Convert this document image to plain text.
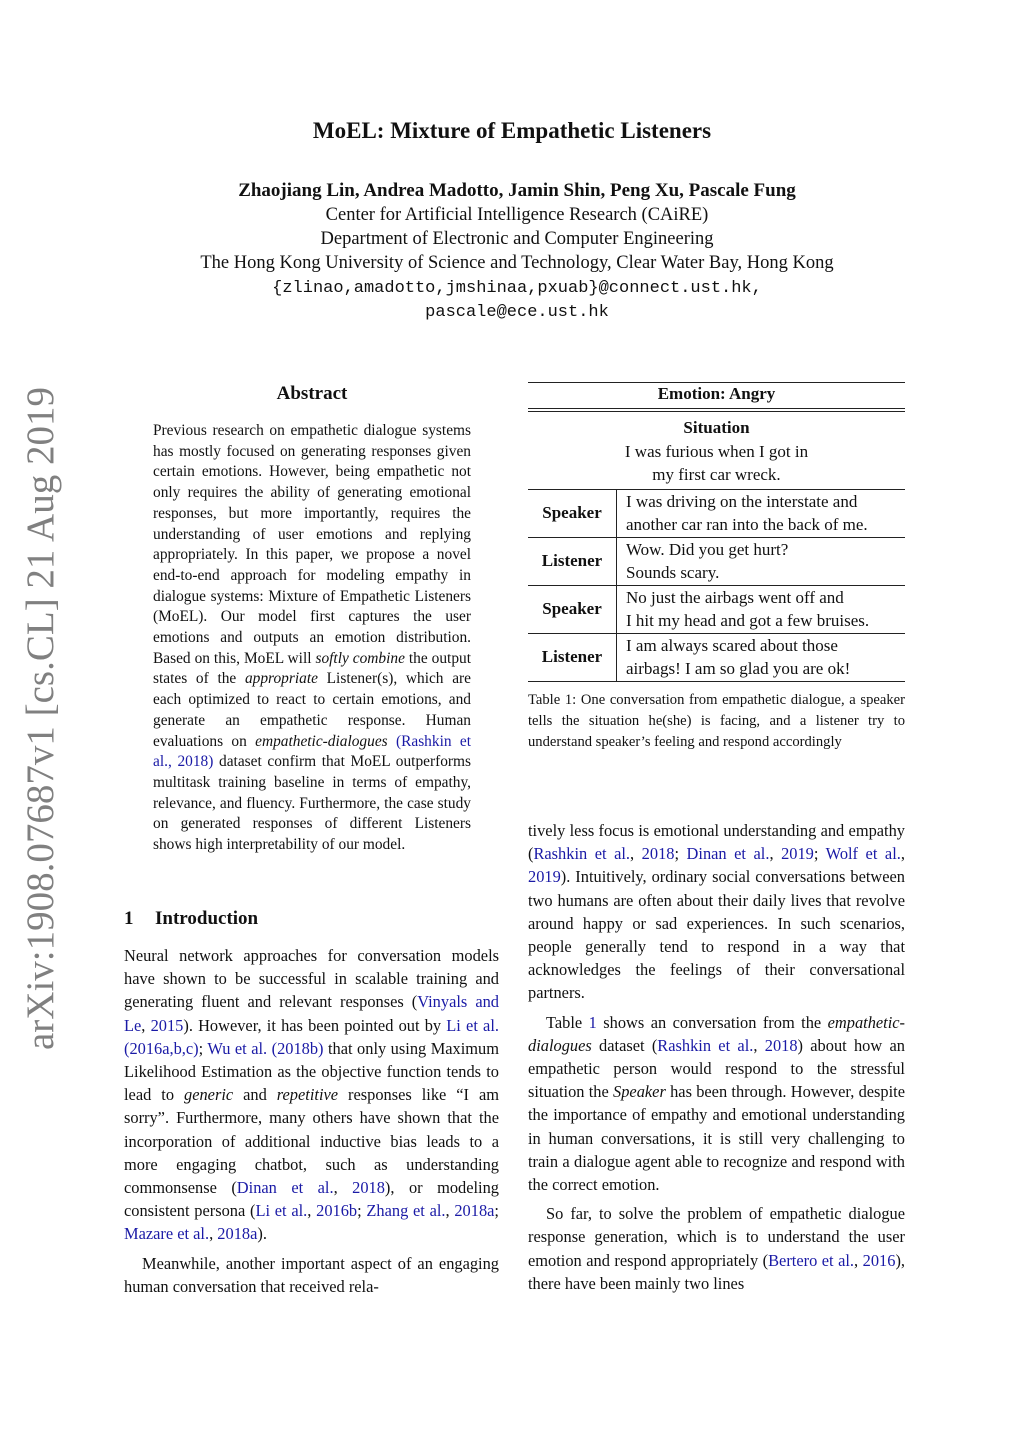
MoEL: Mixture of Empathetic Listeners
Zhaojiang Lin, Andrea Madotto, Jamin Shin, Peng Xu, Pascale Fung
Center for Artificial Intelligence Research (CAiRE)
Department of Electronic and Computer Engineering
The Hong Kong University of Science and Technology, Clear Water Bay, Hong Kong
{zlinao,amadotto,jmshinaa,pxuab}@connect.ust.hk,
pascale@ece.ust.hk
arXiv:1908.07687v1 [cs.CL] 21 Aug 2019	Abstract
Previous research on empathetic dialogue systems has mostly focused on generating responses given certain emotions. However, being empathetic not only requires the ability of generating emotional responses, but more importantly, requires the understanding of user emotions and replying appropriately. In this paper, we propose a novel end-to-end approach for modeling empathy in dialogue systems: Mixture of Empathetic Listeners (MoEL). Our model first captures the user emotions and outputs an emotion distribution. Based on this, MoEL will softly combine the output states of the appropriate Listener(s), which are each optimized to react to certain emotions, and generate an empathetic response. Human evaluations on empathetic-dialogues (Rashkin et al., 2018) dataset confirm that MoEL outperforms multitask training baseline in terms of empathy, relevance, and fluency. Furthermore, the case study on generated responses of different Listeners shows high interpretability of our model.
1 Introduction

Neural network approaches for conversation models have shown to be successful in scalable training and generating fluent and relevant responses (Vinyals and Le, 2015). However, it has been pointed out by Li et al. (2016a,b,c); Wu et al. (2018b) that only using Maximum Likelihood Estimation as the objective function tends to lead to generic and repetitive responses like “I am sorry”. Furthermore, many others have shown that the incorporation of additional inductive bias leads to a more engaging chatbot, such as understanding commonsense (Dinan et al., 2018), or modeling consistent persona (Li et al., 2016b; Zhang et al., 2018a; Mazare et al., 2018a).

Meanwhile, another important aspect of an engaging human conversation that received rela-

Emotion: Angry	
Situation	
I was furious when I got in	
my first car wreck.	
Speaker	I was driving on the interstate and
another car ran into the back of me.

Listener	Wow. Did you get hurt?
Sounds scary.

Speaker	No just the airbags went off and
I hit my head and got a few bruises.

Listener	I am always scared about those
airbags! I am so glad you are ok!
Table 1: One conversation from empathetic dialogue, a speaker tells the situation he(she) is facing, and a listener try to understand speaker’s feeling and respond accordingly

tively less focus is emotional understanding and empathy (Rashkin et al., 2018; Dinan et al., 2019; Wolf et al., 2019). Intuitively, ordinary social conversations between two humans are often about their daily lives that revolve around happy or sad experiences. In such scenarios, people generally tend to respond in a way that acknowledges the feelings of their conversational partners.

Table 1 shows an conversation from the empathetic-dialogues dataset (Rashkin et al., 2018) about how an empathetic person would respond to the stressful situation the Speaker has been through. However, despite the importance of empathy and emotional understanding in human conversations, it is still very challenging to train a dialogue agent able to recognize and respond with the correct emotion.

So far, to solve the problem of empathetic dialogue response generation, which is to understand the user emotion and respond appropriately (Bertero et al., 2016), there have been mainly two lines
